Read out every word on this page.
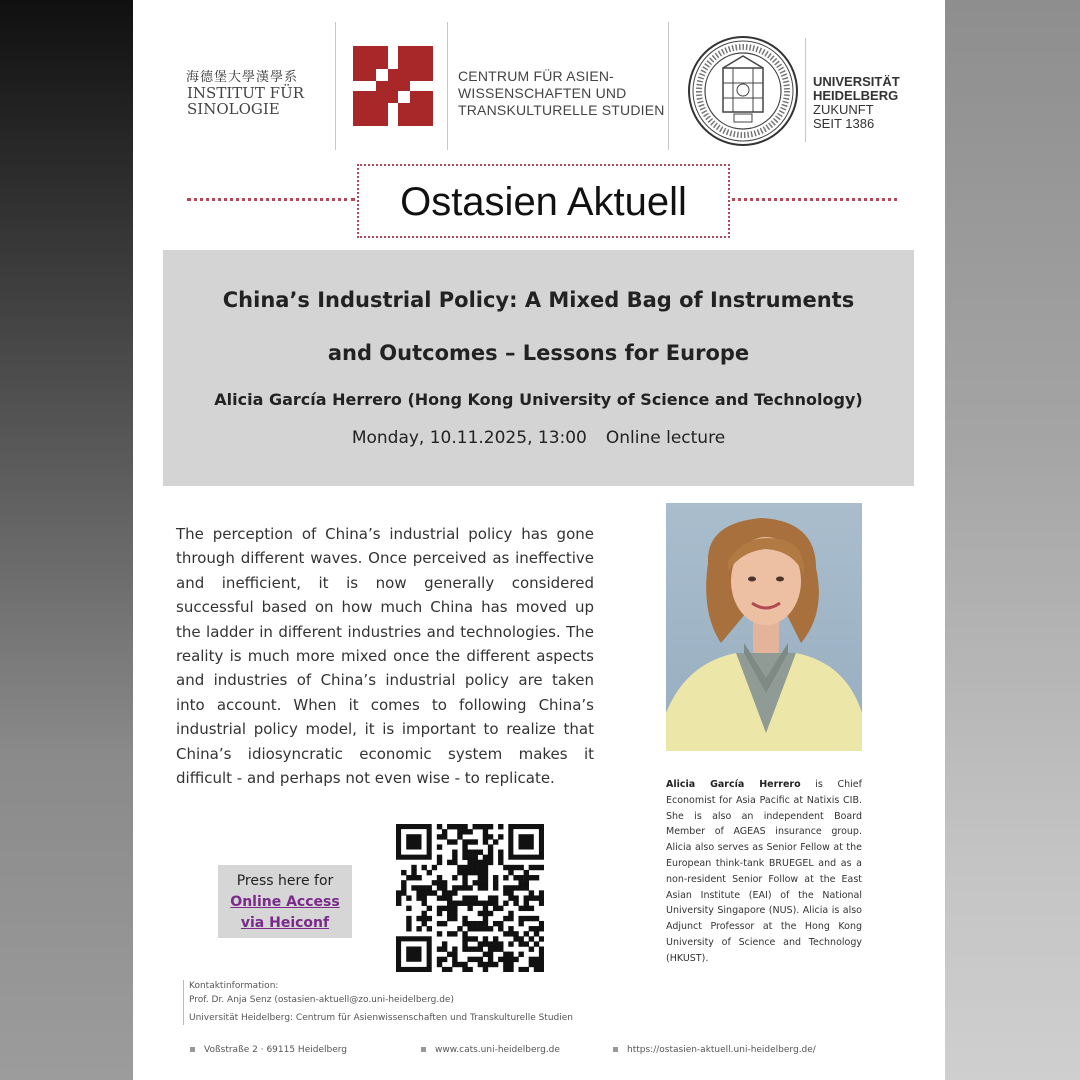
海德堡大學漢學系
INSTITUT FÜR
SINOLOGIE
CENTRUM FÜR ASIEN-
WISSENSCHAFTEN UND
TRANSKULTURELLE STUDIEN
UNIVERSITÄT
HEIDELBERG
ZUKUNFT
SEIT 1386
Ostasien Aktuell
China’s Industrial Policy: A Mixed Bag of Instruments
and Outcomes – Lessons for Europe
Alicia García Herrero (Hong Kong University of Science and Technology)
Monday, 10.11.2025, 13:00 Online lecture
The perception of China’s industrial policy has gone through different waves. Once perceived as ineffective and inefficient, it is now generally considered successful based on how much China has moved up the ladder in different industries and technologies. The reality is much more mixed once the different aspects and industries of China’s industrial policy are taken into account. When it comes to following China’s industrial policy model, it is important to realize that China’s idiosyncratic economic system makes it difficult - and perhaps not even wise - to replicate.	Alicia García Herrero is Chief Economist for Asia Pacific at Natixis CIB. She is also an independent Board Member of AGEAS insurance group. Alicia also serves as Senior Fellow at the European think-tank BRUEGEL and as a non-resident Senior Follow at the East Asian Institute (EAI) of the National University Singapore (NUS). Alicia is also Adjunct Professor at the Hong Kong University of Science and Technology (HKUST).
Press here for
Online Access
via Heiconf
Kontaktinformation:
Prof. Dr. Anja Senz (ostasien-aktuell@zo.uni-heidelberg.de)
Universität Heidelberg: Centrum für Asienwissenschaften und Transkulturelle Studien
Voßstraße 2 · 69115 Heidelberg	www.cats.uni-heidelberg.de	https://ostasien-aktuell.uni-heidelberg.de/
